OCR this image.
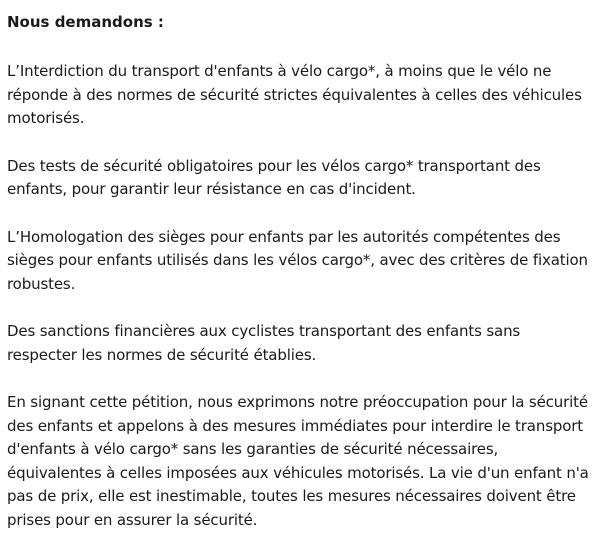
Nous demandons :

L’Interdiction du transport d'enfants à vélo cargo*, à moins que le vélo ne réponde à des normes de sécurité strictes équivalentes à celles des véhicules motorisés.

Des tests de sécurité obligatoires pour les vélos cargo* transportant des enfants, pour garantir leur résistance en cas d'incident.

L’Homologation des sièges pour enfants par les autorités compétentes des sièges pour enfants utilisés dans les vélos cargo*, avec des critères de fixation robustes.

Des sanctions financières aux cyclistes transportant des enfants sans respecter les normes de sécurité établies.

En signant cette pétition, nous exprimons notre préoccupation pour la sécurité des enfants et appelons à des mesures immédiates pour interdire le transport d'enfants à vélo cargo* sans les garanties de sécurité nécessaires, équivalentes à celles imposées aux véhicules motorisés. La vie d'un enfant n'a pas de prix, elle est inestimable, toutes les mesures nécessaires doivent être prises pour en assurer la sécurité.
